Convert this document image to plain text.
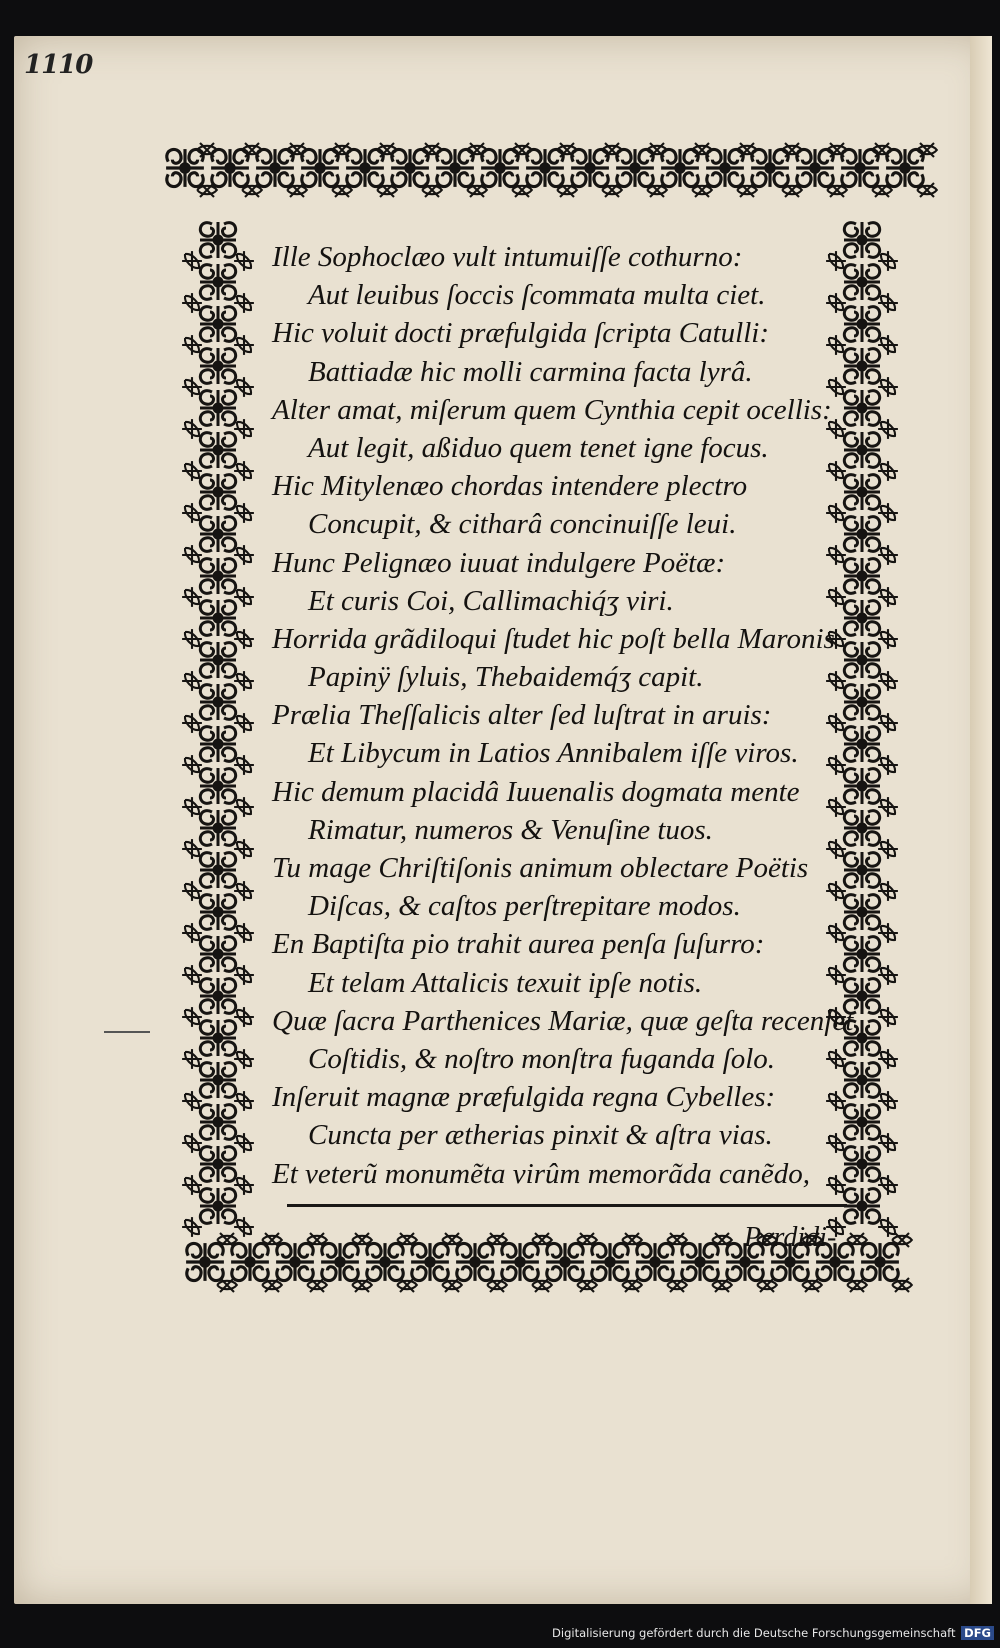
1110
Ille Sophoclæo vult intumuiſſe cothurno:
Aut leuibus ſoccis ſcommata multa ciet.
Hic voluit docti præfulgida ſcripta Catulli:
Battiadæ hic molli carmina facta lyrâ.
Alter amat, miſerum quem Cynthia cepit ocellis:
Aut legit, aßiduo quem tenet igne focus.
Hic Mitylenæo chordas intendere plectro
Concupit, & citharâ concinuiſſe leui.
Hunc Pelignæo iuuat indulgere Poëtæ:
Et curis Coi, Callimachiq́ʒ viri.
Horrida grãdiloqui ſtudet hic poſt bella Maronis
Papinÿ ſyluis, Thebaidemq́ʒ capit.
Prælia Theſſalicis alter ſed luſtrat in aruis:
Et Libycum in Latios Annibalem iſſe viros.
Hic demum placidâ Iuuenalis dogmata mente
Rimatur, numeros & Venuſine tuos.
Tu mage Chriſtiſonis animum oblectare Poëtis
Diſcas, & caſtos perſtrepitare modos.
En Baptiſta pio trahit aurea penſa ſuſurro:
Et telam Attalicis texuit ipſe notis.
Quæ ſacra Parthenices Mariæ, quæ geſta recenſet
Coſtidis, & noſtro monſtra fuganda ſolo.
Inſeruit magnæ præfulgida regna Cybelles:
Cuncta per ætherias pinxit & aſtra vias.
Et veterũ monumẽta virûm memorãda canẽdo,
Perdidi-
Digitalisierung gefördert durch die Deutsche Forschungsgemeinschaft DFG
